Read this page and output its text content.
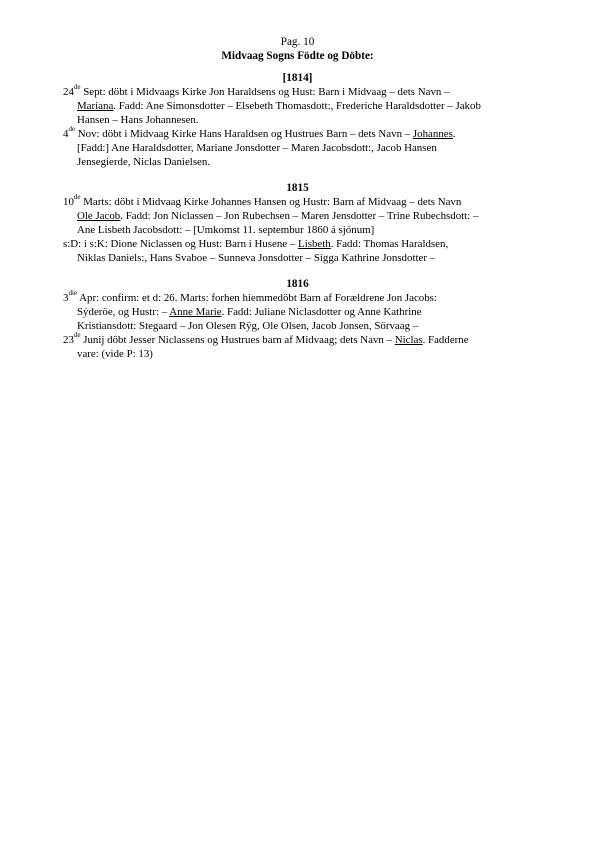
Pag. 10
Midvaag Sogns Födte og Döbte:
[1814]
24de Sept: döbt i Midvaags Kirke Jon Haraldsens og Hust: Barn i Midvaag – dets Navn –
Mariana. Fadd: Ane Simonsdotter – Elsebeth Thomasdott:, Frederiche Haraldsdotter – Jakob
Hansen – Hans Johannesen.
4de Nov: döbt i Midvaag Kirke Hans Haraldsen og Hustrues Barn – dets Navn – Johannes.
[Fadd:] Ane Haraldsdotter, Mariane Jonsdotter – Maren Jacobsdott:, Jacob Hansen
Jensegierde, Niclas Danielsen.
1815
10de Marts: döbt i Midvaag Kirke Johannes Hansen og Hustr: Barn af Midvaag – dets Navn
Ole Jacob. Fadd: Jon Niclassen – Jon Rubechsen – Maren Jensdotter – Trine Rubechsdott: –
Ane Lisbeth Jacobsdott: – [Umkomst 11. septembur 1860 á sjónum]
s:D: i s:K: Dione Niclassen og Hust: Barn i Husene – Lisbeth. Fadd: Thomas Haraldsen,
Niklas Daniels:, Hans Svaboe – Sunneva Jonsdotter – Sigga Kathrine Jonsdotter –
1816
$3^{die}$ Apr: confirm: et d: 26. Marts: forhen hiemmedöbt Barn af Forældrene Jon Jacobs:
Sýderöe, og Hustr: – Anne Marie. Fadd: Juliane Niclasdotter og Anne Kathrine
Kristiansdott: Stegaard – Jon Olesen Rÿg, Ole Olsen, Jacob Jonsen, Sörvaag –
23de Junij döbt Jesser Niclassens og Hustrues barn af Midvaag; dets Navn – Niclas. Fadderne
vare: (vide P: 13)
